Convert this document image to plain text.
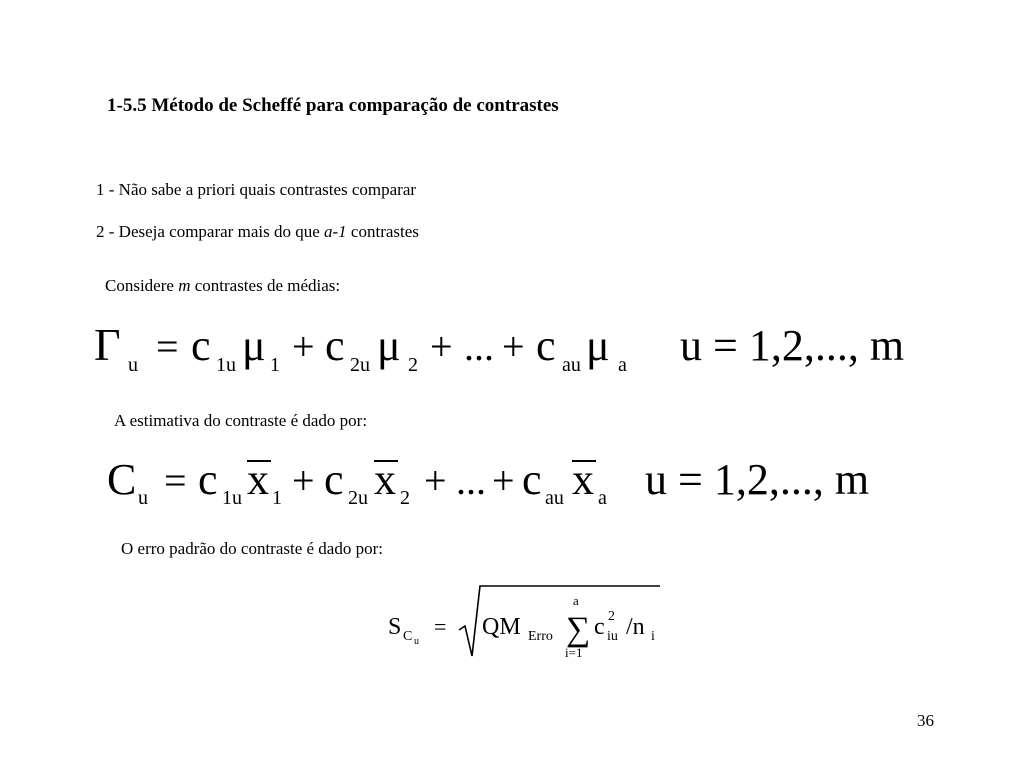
1-5.5 Método de Scheffé para comparação de contrastes
1 - Não sabe a priori quais contrastes comparar
2 - Deseja comparar mais do que a-1 contrastes
Considere m contrastes de médias:
Γ u = c 1u μ 1 + c 2u μ 2 + ... + c au μ a u = 1,2,..., m
A estimativa do contraste é dado por:
C u = c 1u x 1 + c 2u x 2 + ... + c au x a u = 1,2,..., m
O erro padrão do contraste é dado por:
S C u
= QM Erro ∑
a
i=1
c 2
iu /n i
36
